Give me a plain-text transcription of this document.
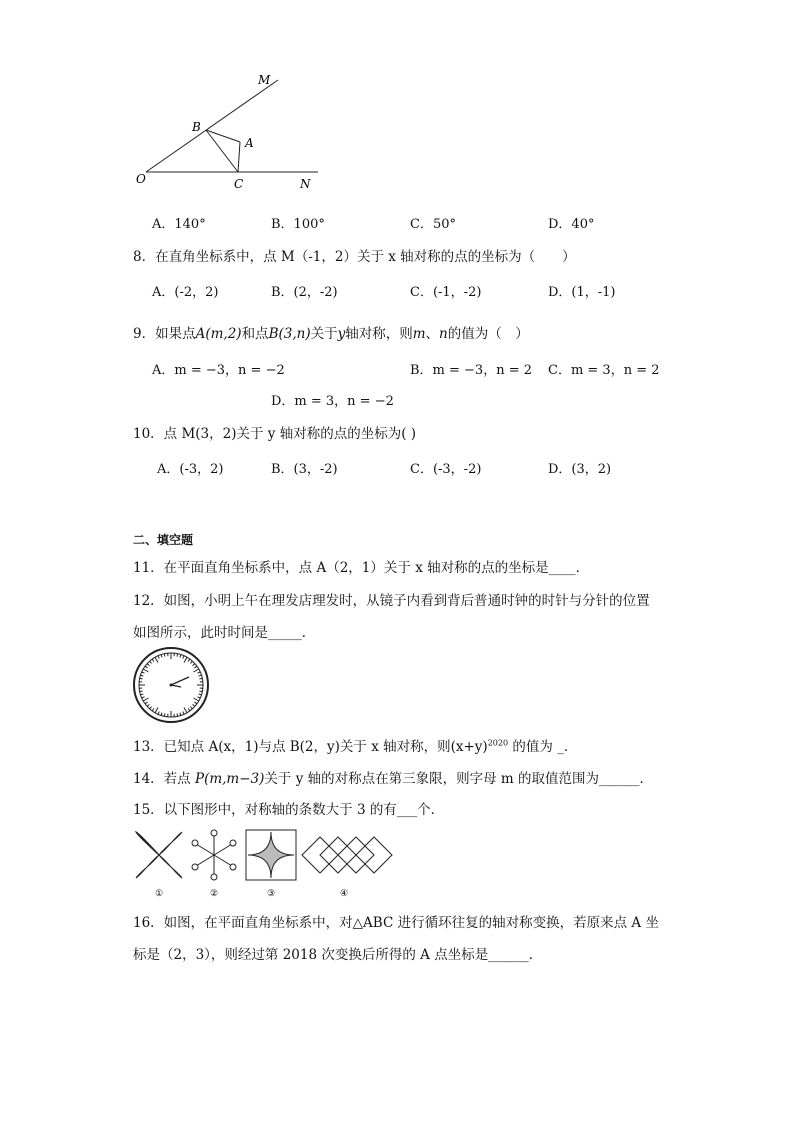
M
B
A
O	C	N
A．140°	B．100°	C．50°	D．40°
8．在直角坐标系中，点 M（-1，2）关于 x 轴对称的点的坐标为（　　）
A．(-2，2)	B．(2，-2)	C．(-1，-2)	D．(1，-1)
9．如果点A(m,2)和点B(3,n)关于y轴对称，则m、n的值为（　）
A．m = −3，n = −2	B．m = −3，n = 2 C．m = 3，n = 2
D．m = 3，n = −2
10．点 M(3，2)关于 y 轴对称的点的坐标为( )
A．(-3，2)	B．(3，-2)	C．(-3，-2)	D．(3，2)
二、填空题
11．在平面直角坐标系中，点 A（2，1）关于 x 轴对称的点的坐标是____．
12．如图，小明上午在理发店理发时，从镜子内看到背后普通时钟的时针与分针的位置
如图所示，此时时间是_____．
13．已知点 A(x，1)与点 B(2，y)关于 x 轴对称，则$(x+y)^{2020}$ 的值为 _．
14．若点 P(m,m−3)关于 y 轴的对称点在第三象限，则字母 m 的取值范围为______．
15．以下图形中，对称轴的条数大于 3 的有___个．
①	②	③	④
16．如图，在平面直角坐标系中，对△ABC 进行循环往复的轴对称变换，若原来点 A 坐
标是（2，3），则经过第 2018 次变换后所得的 A 点坐标是______．
